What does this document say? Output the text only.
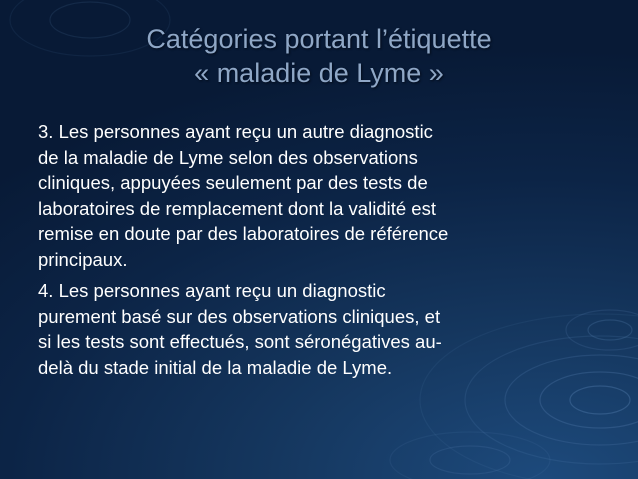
Catégories portant l’étiquette
« maladie de Lyme »
3. Les personnes ayant reçu un autre diagnostic
de la maladie de Lyme selon des observations
cliniques, appuyées seulement par des tests de
laboratoires de remplacement dont la validité est
remise en doute par des laboratoires de référence
principaux.
4. Les personnes ayant reçu un diagnostic
purement basé sur des observations cliniques, et
si les tests sont effectués, sont séronégatives au-
delà du stade initial de la maladie de Lyme.
